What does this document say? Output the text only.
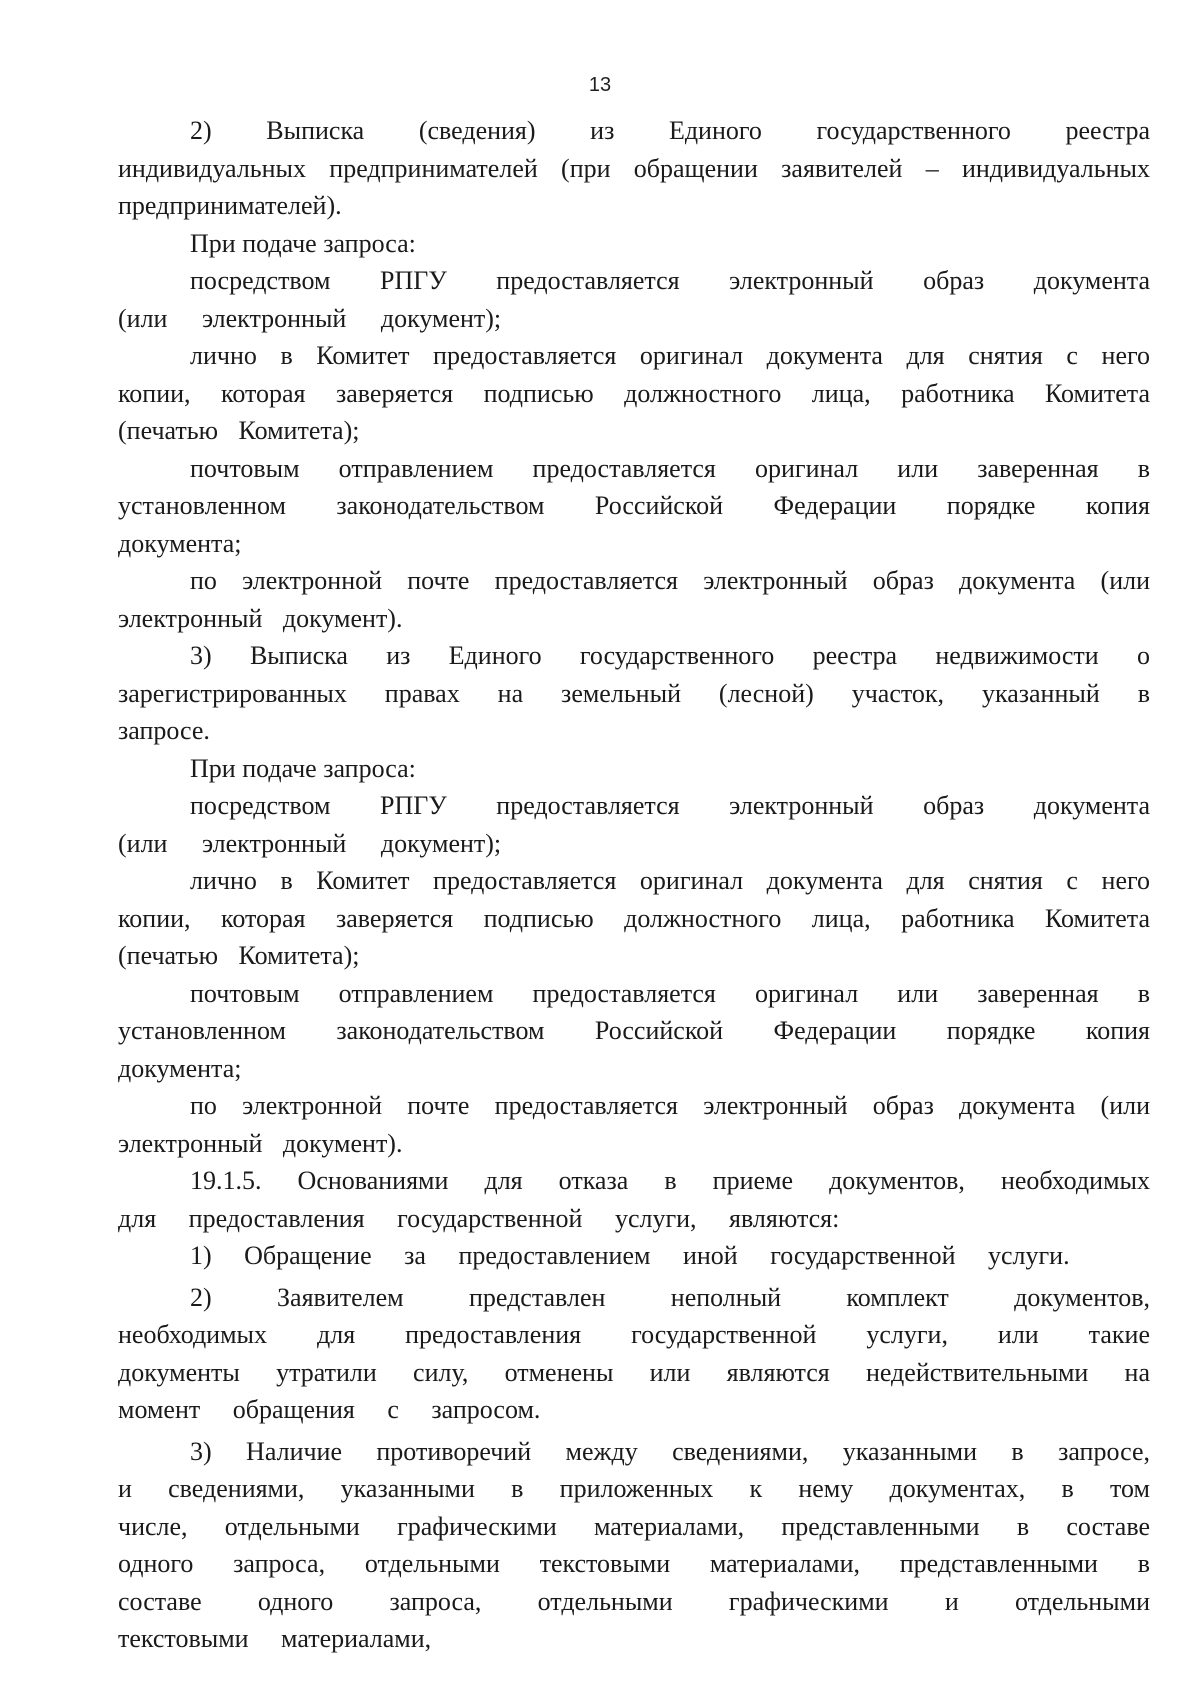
13

2) Выписка (сведения) из Единого государственного реестра индивидуальных предпринимателей (при обращении заявителей – индивидуальных предпринимателей).

При подаче запроса:

посредством РПГУ предоставляется электронный образ документа (или электронный документ);

лично в Комитет предоставляется оригинал документа для снятия с него копии, которая заверяется подписью должностного лица, работника Комитета (печатью Комитета);

почтовым отправлением предоставляется оригинал или заверенная в установленном законодательством Российской Федерации порядке копия документа;

по электронной почте предоставляется электронный образ документа (или электронный документ).

3) Выписка из Единого государственного реестра недвижимости о зарегистрированных правах на земельный (лесной) участок, указанный в запросе.

При подаче запроса:

посредством РПГУ предоставляется электронный образ документа (или электронный документ);

лично в Комитет предоставляется оригинал документа для снятия с него копии, которая заверяется подписью должностного лица, работника Комитета (печатью Комитета);

почтовым отправлением предоставляется оригинал или заверенная в установленном законодательством Российской Федерации порядке копия документа;

по электронной почте предоставляется электронный образ документа (или электронный документ).

19.1.5. Основаниями для отказа в приеме документов, необходимых для предоставления государственной услуги, являются:

1) Обращение за предоставлением иной государственной услуги.

2) Заявителем представлен неполный комплект документов, необходимых для предоставления государственной услуги, или такие документы утратили силу, отменены или являются недействительными на момент обращения с запросом.

3) Наличие противоречий между сведениями, указанными в запросе, и сведениями, указанными в приложенных к нему документах, в том числе, отдельными графическими материалами, представленными в составе одного запроса, отдельными текстовыми материалами, представленными в составе одного запроса, отдельными графическими и отдельными текстовыми материалами,
